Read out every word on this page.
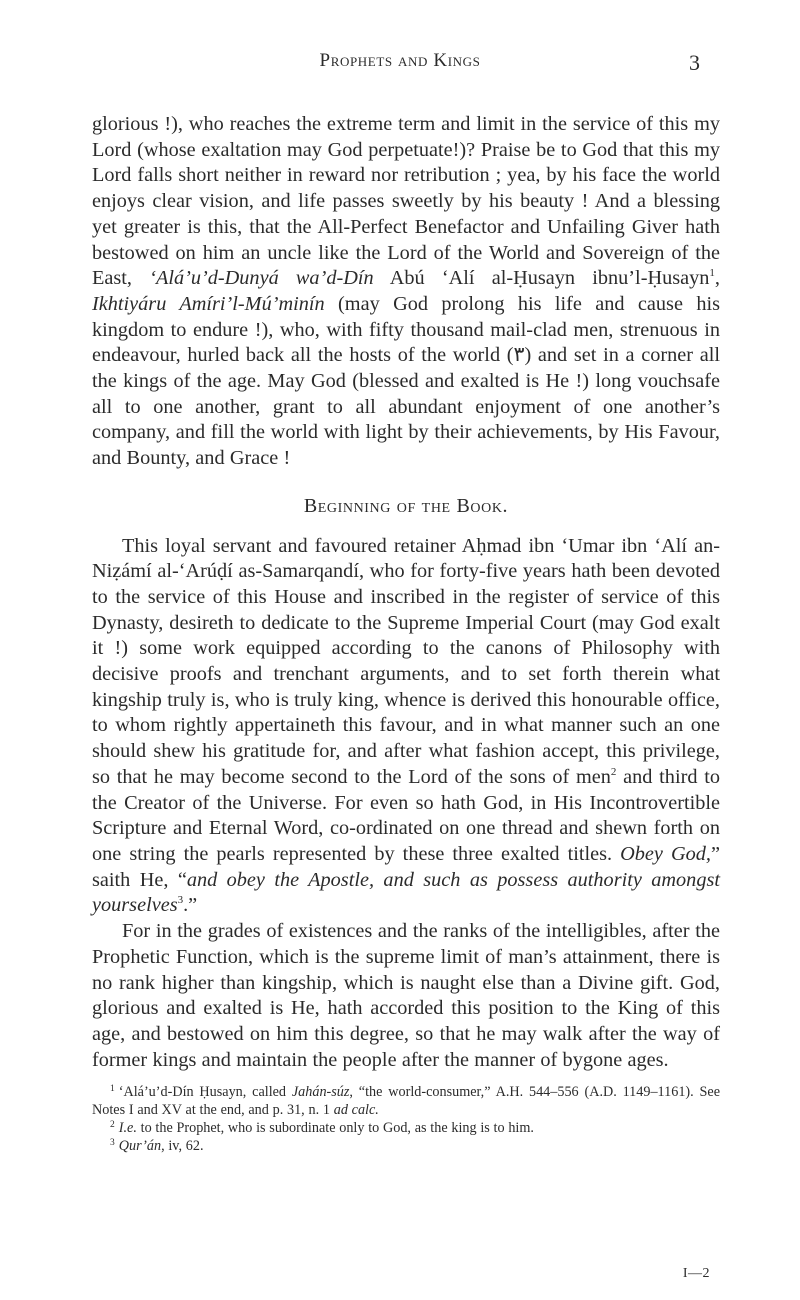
Prophets and Kings	3

glorious !), who reaches the extreme term and limit in the service of this my Lord (whose exaltation may God perpetuate!)? Praise be to God that this my Lord falls short neither in reward nor retribution ; yea, by his face the world enjoys clear vision, and life passes sweetly by his beauty ! And a blessing yet greater is this, that the All-Perfect Benefactor and Unfailing Giver hath bestowed on him an uncle like the Lord of the World and Sovereign of the East, ‘Alá’u’d-Dunyá wa’d-Dín Abú ‘Alí al-Ḥusayn ibnu’l-Ḥusayn$^1$, Ikhtiyáru Amíri’l-Mú’minín (may God prolong his life and cause his kingdom to endure !), who, with fifty thousand mail-clad men, strenuous in endeavour, hurled back all the hosts of the world (٣) and set in a corner all the kings of the age. May God (blessed and exalted is He !) long vouchsafe all to one another, grant to all abundant enjoyment of one another’s company, and fill the world with light by their achievements, by His Favour, and Bounty, and Grace !

Beginning of the Book.

This loyal servant and favoured retainer Aḥmad ibn ‘Umar ibn ‘Alí an-Niẓámí al-‘Arúḍí as-Samarqandí, who for forty-five years hath been devoted to the service of this House and inscribed in the register of service of this Dynasty, desireth to dedicate to the Supreme Imperial Court (may God exalt it !) some work equipped according to the canons of Philosophy with decisive proofs and trenchant arguments, and to set forth therein what kingship truly is, who is truly king, whence is derived this honourable office, to whom rightly appertaineth this favour, and in what manner such an one should shew his gratitude for, and after what fashion accept, this privilege, so that he may become second to the Lord of the sons of men$^2$ and third to the Creator of the Universe. For even so hath God, in His Incontrovertible Scripture and Eternal Word, co-ordinated on one thread and shewn forth on one string the pearls represented by these three exalted titles. Obey God,” saith He, “and obey the Apostle, and such as possess authority amongst yourselves$^3$.”

For in the grades of existences and the ranks of the intelligibles, after the Prophetic Function, which is the supreme limit of man’s attainment, there is no rank higher than kingship, which is naught else than a Divine gift. God, glorious and exalted is He, hath accorded this position to the King of this age, and bestowed on him this degree, so that he may walk after the way of former kings and maintain the people after the manner of bygone ages.

$^1$ ‘Alá’u’d-Dín Ḥusayn, called Jahán-súz, “the world-consumer,” A.H. 544–556 (A.D. 1149–1161). See Notes I and XV at the end, and p. 31, n. 1 ad calc.

$^2$ I.e. to the Prophet, who is subordinate only to God, as the king is to him.

$^3$ Qur’án, iv, 62.

I—2
